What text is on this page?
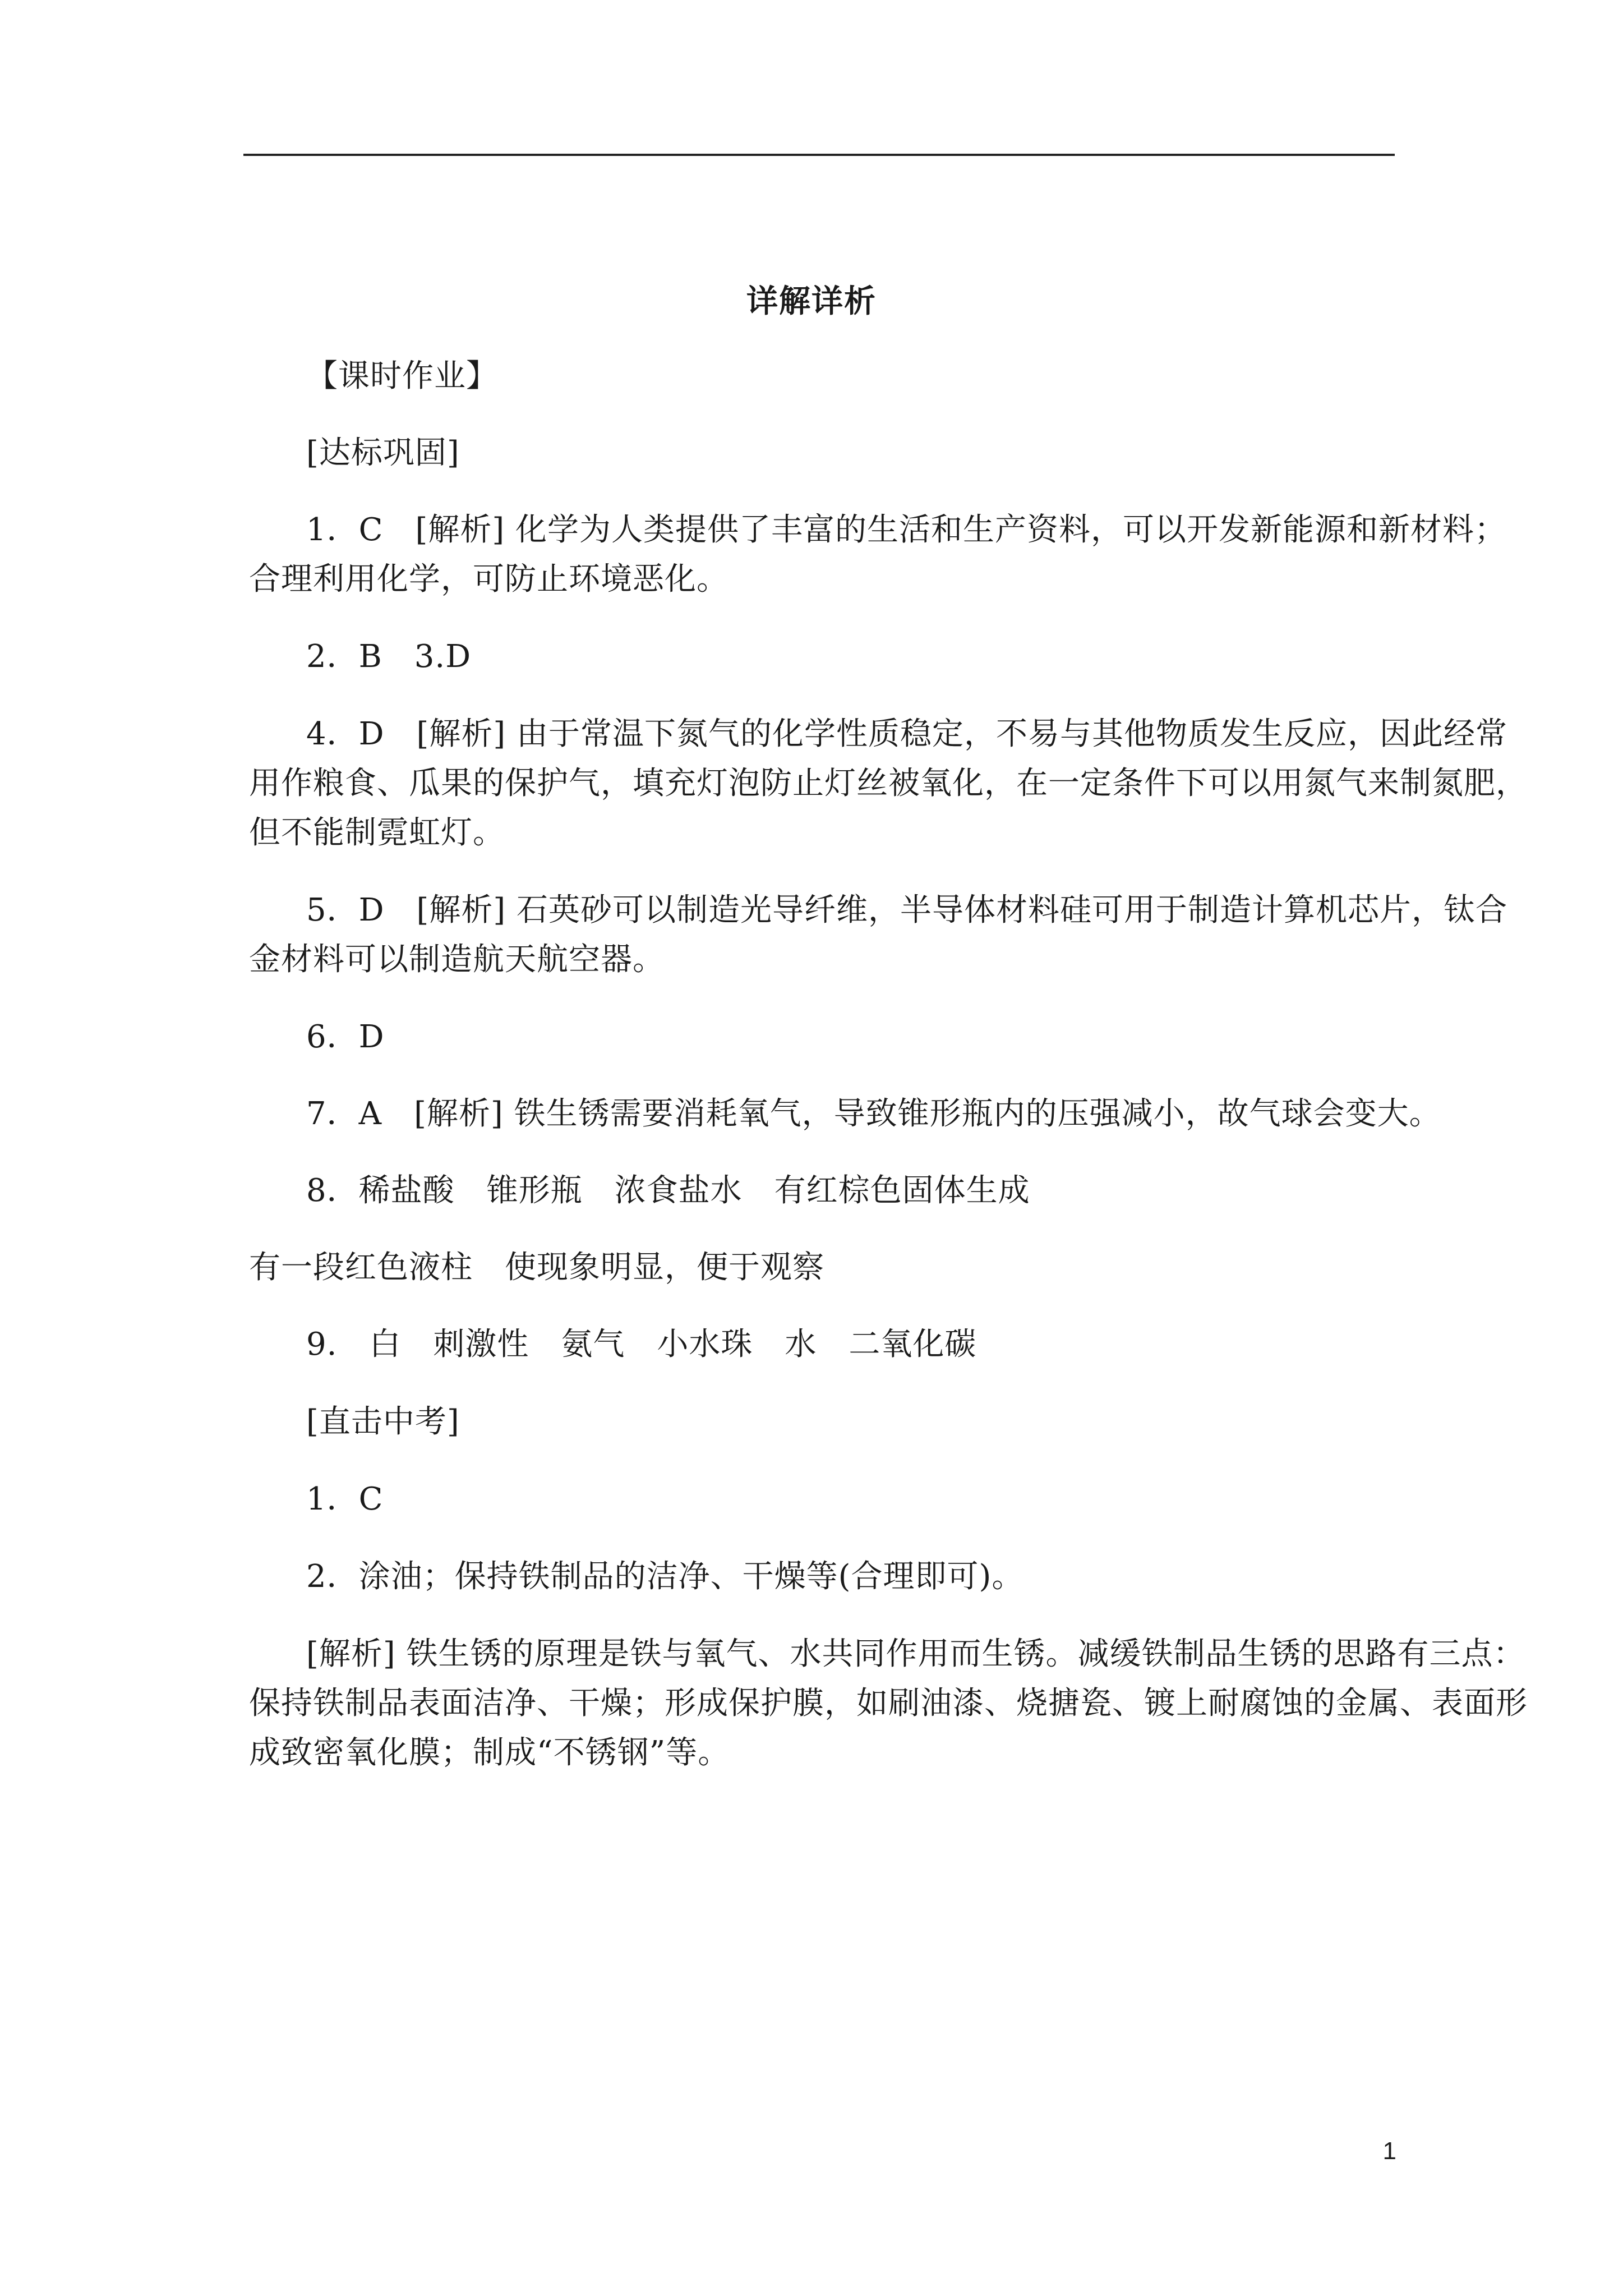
详解详析
【课时作业】
[达标巩固]
1．C　[解析] 化学为人类提供了丰富的生活和生产资料，可以开发新能源和新材料；
合理利用化学，可防止环境恶化。
2．B　3.D
4．D　[解析] 由于常温下氮气的化学性质稳定，不易与其他物质发生反应，因此经常
用作粮食、瓜果的保护气，填充灯泡防止灯丝被氧化，在一定条件下可以用氮气来制氮肥，
但不能制霓虹灯。
5．D　[解析] 石英砂可以制造光导纤维，半导体材料硅可用于制造计算机芯片，钛合
金材料可以制造航天航空器。
6．D
7．A　[解析] 铁生锈需要消耗氧气，导致锥形瓶内的压强减小，故气球会变大。
8．稀盐酸　锥形瓶　浓食盐水　有红棕色固体生成
有一段红色液柱　使现象明显，便于观察
9.　白　刺激性　氨气　小水珠　水　二氧化碳
[直击中考]
1．C
2．涂油；保持铁制品的洁净、干燥等(合理即可)。
[解析] 铁生锈的原理是铁与氧气、水共同作用而生锈。减缓铁制品生锈的思路有三点：
保持铁制品表面洁净、干燥；形成保护膜，如刷油漆、烧搪瓷、镀上耐腐蚀的金属、表面形
成致密氧化膜；制成“不锈钢”等。
1
